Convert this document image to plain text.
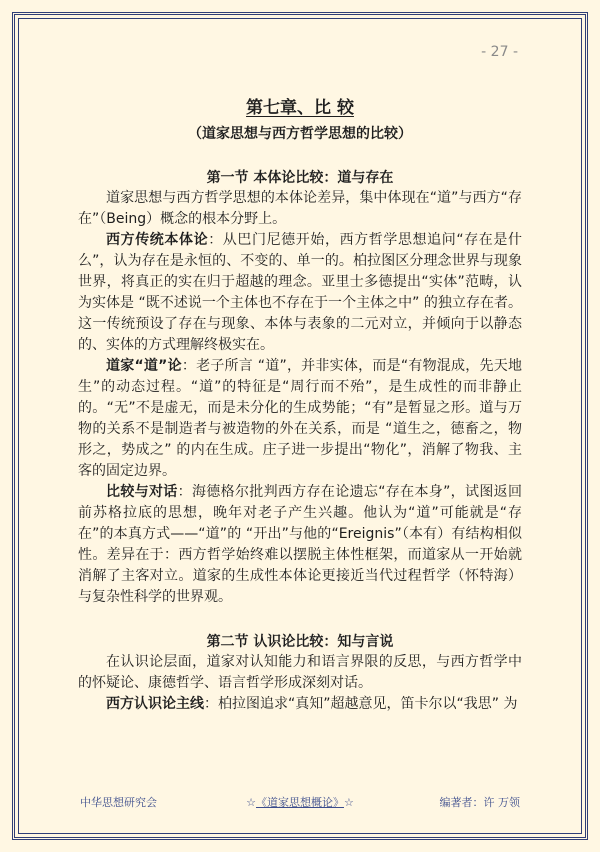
- 27 -
第七章、比 较
（道家思想与西方哲学思想的比较）
第一节 本体论比较：道与存在

道家思想与西方哲学思想的本体论差异，集中体现在“道”与西方“存在”（Being）概念的根本分野上。

西方传统本体论：从巴门尼德开始，西方哲学思想追问“存在是什么”，认为存在是永恒的、不变的、单一的。柏拉图区分理念世界与现象世界，将真正的实在归于超越的理念。亚里士多德提出“实体”范畴，认为实体是 “既不述说一个主体也不存在于一个主体之中” 的独立存在者。这一传统预设了存在与现象、本体与表象的二元对立，并倾向于以静态的、实体的方式理解终极实在。

道家“道”论：老子所言 “道”，并非实体，而是“有物混成，先天地生”的动态过程。“道”的特征是“周行而不殆”，是生成性的而非静止的。“无”不是虚无，而是未分化的生成势能；“有”是暂显之形。道与万物的关系不是制造者与被造物的外在关系，而是 “道生之，德畜之，物形之，势成之” 的内在生成。庄子进一步提出“物化”，消解了物我、主客的固定边界。

比较与对话：海德格尔批判西方存在论遗忘“存在本身”，试图返回前苏格拉底的思想，晚年对老子产生兴趣。他认为“道”可能就是“存在”的本真方式——“道”的 “开出”与他的“Ereignis”（本有）有结构相似性。差异在于：西方哲学始终难以摆脱主体性框架，而道家从一开始就消解了主客对立。道家的生成性本体论更接近当代过程哲学（怀特海）与复杂性科学的世界观。

第二节 认识论比较：知与言说

在认识论层面，道家对认知能力和语言界限的反思，与西方哲学中的怀疑论、康德哲学、语言哲学形成深刻对话。

西方认识论主线：柏拉图追求“真知”超越意见，笛卡尔以“我思” 为

中华思想研究会	☆《道家思想概论》☆	编著者：许 万领
